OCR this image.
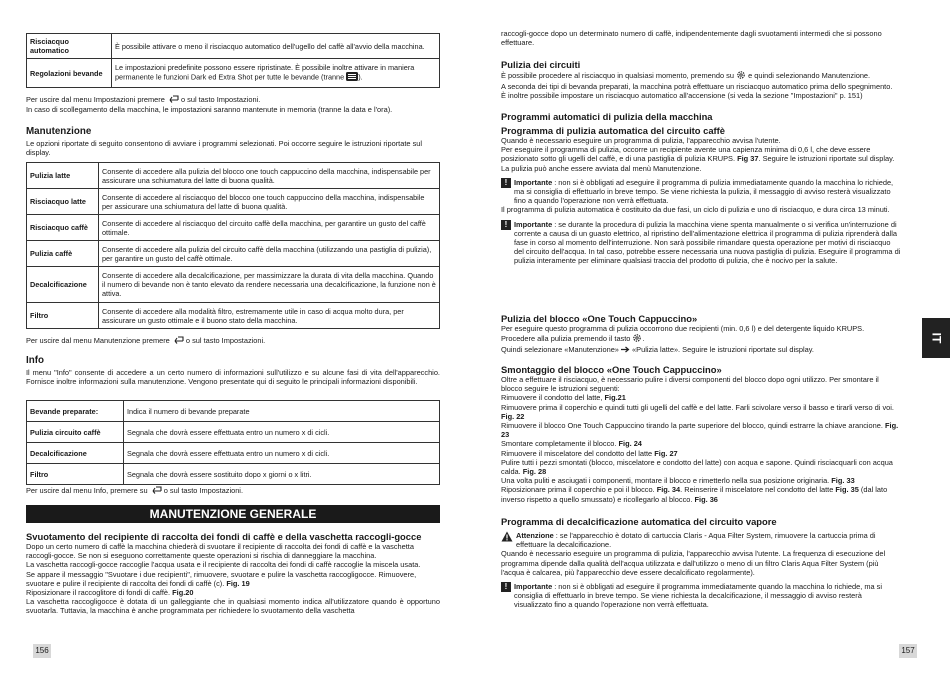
Risciacquo automatico	È possibile attivare o meno il risciacquo automatico dell'ugello del caffè all'avvio della macchina.
Regolazioni bevande	Le impostazioni predefinite possono essere ripristinate. È possibile inoltre attivare in maniera permanente le funzioni Dark ed Extra Shot per tutte le bevande (tranne ).

Per uscire dal menu Impostazioni premere o sul tasto Impostazioni.

In caso di scollegamento della macchina, le impostazioni saranno mantenute in memoria (tranne la data e l'ora).

Manutenzione

Le opzioni riportate di seguito consentono di avviare i programmi selezionati. Poi occorre seguire le istruzioni riportate sul display.

Pulizia latte	Consente di accedere alla pulizia del blocco one touch cappuccino della macchina, indispensabile per assicurare una schiumatura del latte di buona qualità.
Risciacquo latte	Consente di accedere al risciacquo del blocco one touch cappuccino della macchina, indispensabile per assicurare una schiumatura del latte di buona qualità.
Risciacquo caffè	Consente di accedere al risciacquo del circuito caffè della macchina, per garantire un gusto del caffè ottimale.
Pulizia caffè	Consente di accedere alla pulizia del circuito caffè della macchina (utilizzando una pastiglia di pulizia), per garantire un gusto del caffè ottimale.
Decalcificazione	Consente di accedere alla decalcificazione, per massimizzare la durata di vita della macchina. Quando il numero di bevande non è tanto elevato da rendere necessaria una decalcificazione, la funzione non è attiva.
Filtro	Consente di accedere alla modalità filtro, estremamente utile in caso di acqua molto dura, per assicurare un gusto ottimale e il buono stato della macchina.

Per uscire dal menu Manutenzione premere o sul tasto Impostazioni.

Info

Il menu "Info" consente di accedere a un certo numero di informazioni sull'utilizzo e su alcune fasi di vita dell'apparecchio. Fornisce inoltre informazioni sulla manutenzione. Vengono presentate qui di seguito le principali informazioni disponibili.

Bevande preparate:	Indica il numero di bevande preparate
Pulizia circuito caffè	Segnala che dovrà essere effettuata entro un numero x di cicli.
Decalcificazione	Segnala che dovrà essere effettuata entro un numero x di cicli.
Filtro	Segnala che dovrà essere sostituito dopo x giorni o x litri.

Per uscire dal menu Info, premere su o sul tasto Impostazioni.

MANUTENZIONE GENERALE
Svuotamento del recipiente di raccolta dei fondi di caffè e della vaschetta raccogli-gocce

Dopo un certo numero di caffè la macchina chiederà di svuotare il recipiente di raccolta dei fondi di caffè e la vaschetta raccogli-gocce. Se non si eseguono correttamente queste operazioni si rischia di danneggiare la macchina.

La vaschetta raccogli-gocce raccoglie l'acqua usata e il recipiente di raccolta dei fondi di caffè raccoglie la miscela usata.

Se appare il messaggio "Svuotare i due recipienti", rimuovere, svuotare e pulire la vaschetta raccogligocce. Rimuovere, svuotare e pulire il recipiente di raccolta dei fondi di caffè (c). Fig. 19

Riposizionare il raccoglitore di fondi di caffè. Fig.20

La vaschetta raccogligocce è dotata di un galleggiante che in qualsiasi momento indica all'utilizzatore quando è opportuno svuotarla. Tuttavia, la macchina è anche programmata per richiedere lo svuotamento della vaschetta

156

raccogli-gocce dopo un determinato numero di caffè, indipendentemente dagli svuotamenti intermedi che si possono effettuare.

Pulizia dei circuiti

È possibile procedere al risciacquo in qualsiasi momento, premendo su e quindi selezionando Manutenzione.

A seconda dei tipi di bevanda preparati, la macchina potrà effettuare un risciacquo automatico prima dello spegnimento.

È inoltre possibile impostare un risciacquo automatico all'accensione (si veda la sezione "Impostazioni" p. 151)

Programmi automatici di pulizia della macchina
Programma di pulizia automatica del circuito caffè

Quando è necessario eseguire un programma di pulizia, l'apparecchio avvisa l'utente.

Per eseguire il programma di pulizia, occorre un recipiente avente una capienza minima di 0,6 l, che deve essere posizionato sotto gli ugelli del caffè, e di una pastiglia di pulizia KRUPS. Fig 37. Seguire le istruzioni riportate sul display.

La pulizia può anche essere avviata dal menù Manutenzione.

! Importante : non si è obbligati ad eseguire il programma di pulizia immediatamente quando la macchina lo richiede, ma si consiglia di effettuarlo in breve tempo. Se viene richiesta la pulizia, il messaggio di avviso resterà visualizzato fino a quando l'operazione non verrà effettuata.

Il programma di pulizia automatica è costituito da due fasi, un ciclo di pulizia e uno di risciacquo, e dura circa 13 minuti.

! Importante : se durante la procedura di pulizia la macchina viene spenta manualmente o si verifica un'interruzione di corrente a causa di un guasto elettrico, al ripristino dell'alimentazione elettrica il programma di pulizia riprenderà dalla fase in corso al momento dell'interruzione. Non sarà possibile rimandare questa operazione per motivi di risciacquo del circuito dell'acqua. In tal caso, potrebbe essere necessaria una nuova pastiglia di pulizia. Eseguire il programma di pulizia interamente per eliminare qualsiasi traccia del prodotto di pulizia, che è nocivo per la salute.
Pulizia del blocco «One Touch Cappuccino»

Per eseguire questo programma di pulizia occorrono due recipienti (min. 0,6 l) e del detergente liquido KRUPS.

Procedere alla pulizia premendo il tasto .

Quindi selezionare «Manutenzione» «Pulizia latte». Seguire le istruzioni riportate sul display.

Smontaggio del blocco «One Touch Cappuccino»

Oltre a effettuare il risciacquo, è necessario pulire i diversi componenti del blocco dopo ogni utilizzo. Per smontare il blocco seguire le istruzioni seguenti:

Rimuovere il condotto del latte, Fig.21

Rimuovere prima il coperchio e quindi tutti gli ugelli del caffè e del latte. Farli scivolare verso il basso e tirarli verso di voi. Fig. 22

Rimuovere il blocco One Touch Cappuccino tirando la parte superiore del blocco, quindi estrarre la chiave arancione. Fig. 23

Smontare completamente il blocco. Fig. 24

Rimuovere il miscelatore del condotto del latte Fig. 27

Pulire tutti i pezzi smontati (blocco, miscelatore e condotto del latte) con acqua e sapone. Quindi risciacquarli con acqua calda. Fig. 28

Una volta puliti e asciugati i componenti, montare il blocco e rimetterlo nella sua posizione originaria. Fig. 33

Riposizionare prima il coperchio e poi il blocco. Fig. 34. Reinserire il miscelatore nel condotto del latte Fig. 35 (dal lato inverso rispetto a quello smussato) e ricollegarlo al blocco. Fig. 36

Programma di decalcificazione automatica del circuito vapore
Attenzione : se l'apparecchio è dotato di cartuccia Claris - Aqua Filter System, rimuovere la cartuccia prima di effettuare la decalcificazione.

Quando è necessario eseguire un programma di pulizia, l'apparecchio avvisa l'utente. La frequenza di esecuzione del programma dipende dalla qualità dell'acqua utilizzata e dall'utilizzo o meno di un filtro Claris Aqua Filter System (più l'acqua è calcarea, più l'apparecchio deve essere decalcificato regolarmente).

! Importante : non si è obbligati ad eseguire il programma immediatamente quando la macchina lo richiede, ma si consiglia di effettuarlo in breve tempo. Se viene richiesta la decalcificazione, il messaggio di avviso resterà visualizzato fino a quando l'operazione non verrà effettuata.
157
IT
